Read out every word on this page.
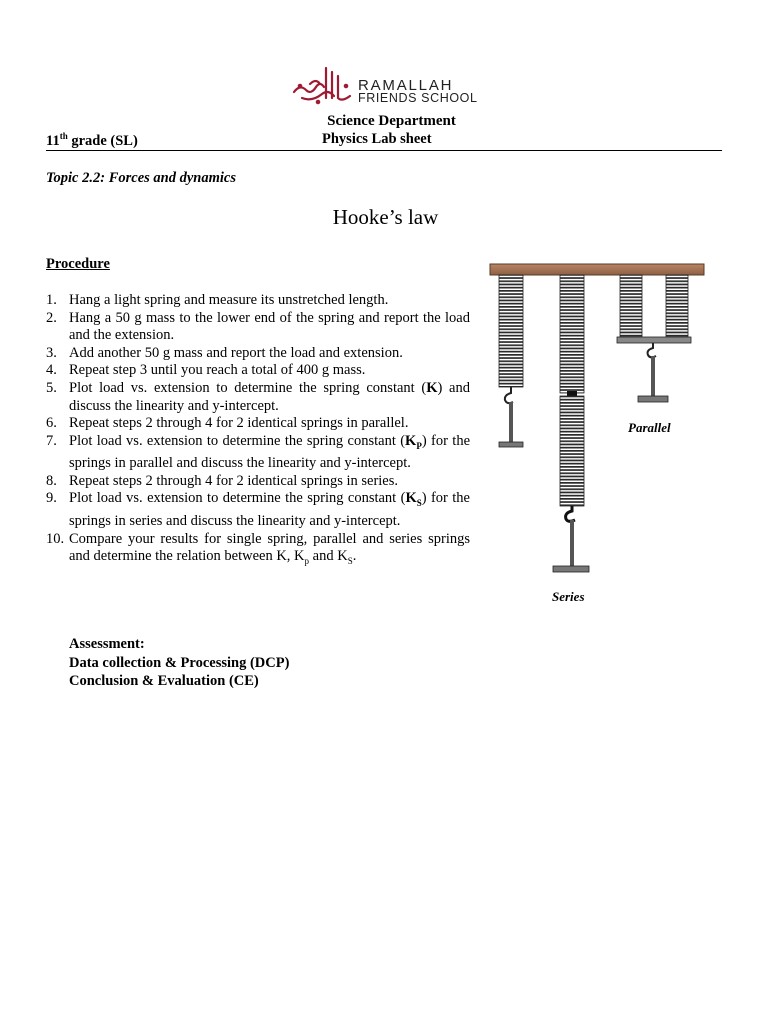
RAMALLAH
FRIENDS SCHOOL
Science Department
11th grade (SL)	Physics Lab sheet
Topic 2.2: Forces and dynamics
Hooke’s law
Procedure
1. Hang a light spring and measure its unstretched length.
2. Hang a 50 g mass to the lower end of the spring and report the load and the extension.
3. Add another 50 g mass and report the load and extension.
4. Repeat step 3 until you reach a total of 400 g mass.
5. Plot load vs. extension to determine the spring constant (K) and discuss the linearity and y-intercept.
6. Repeat steps 2 through 4 for 2 identical springs in parallel.
7. Plot load vs. extension to determine the spring constant $(K_P)$ for the springs in parallel and discuss the linearity and y-intercept.
8. Repeat steps 2 through 4 for 2 identical springs in series.
9. Plot load vs. extension to determine the spring constant $(K_S)$ for the springs in series and discuss the linearity and y-intercept.
10. Compare your results for single spring, parallel and series springs and determine the relation between K, $K_p$ and $K_S$.
Assessment:
Data collection & Processing (DCP)
Conclusion & Evaluation (CE)
Parallel
Series
